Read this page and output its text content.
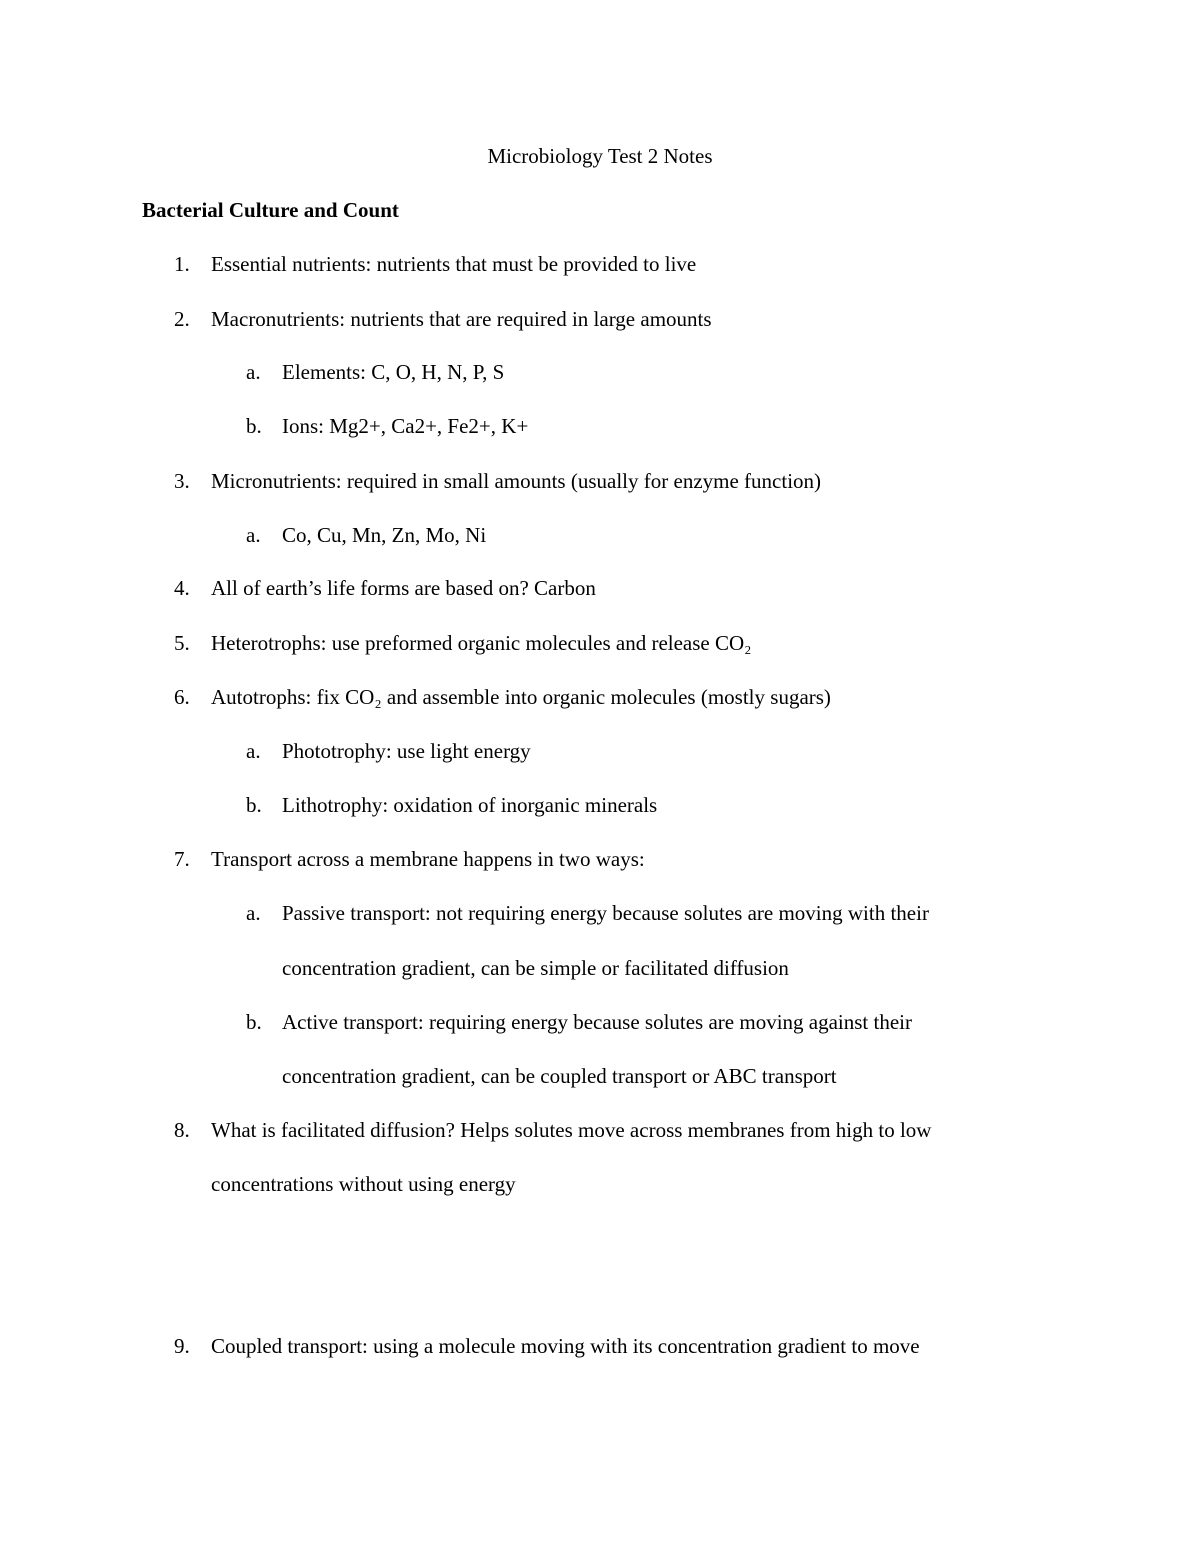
Microbiology Test 2 Notes
Bacterial Culture and Count
1. Essential nutrients: nutrients that must be provided to live
2. Macronutrients: nutrients that are required in large amounts
a. Elements: C, O, H, N, P, S
b. Ions: Mg2+, Ca2+, Fe2+, K+
3. Micronutrients: required in small amounts (usually for enzyme function)
a. Co, Cu, Mn, Zn, Mo, Ni
4. All of earth’s life forms are based on? Carbon
5. Heterotrophs: use preformed organic molecules and release CO₂
6. Autotrophs: fix CO₂ and assemble into organic molecules (mostly sugars)
a. Phototrophy: use light energy
b. Lithotrophy: oxidation of inorganic minerals
7. Transport across a membrane happens in two ways:
a. Passive transport: not requiring energy because solutes are moving with their
concentration gradient, can be simple or facilitated diffusion
b. Active transport: requiring energy because solutes are moving against their
concentration gradient, can be coupled transport or ABC transport
8. What is facilitated diffusion? Helps solutes move across membranes from high to low
concentrations without using energy
9. Coupled transport: using a molecule moving with its concentration gradient to move
